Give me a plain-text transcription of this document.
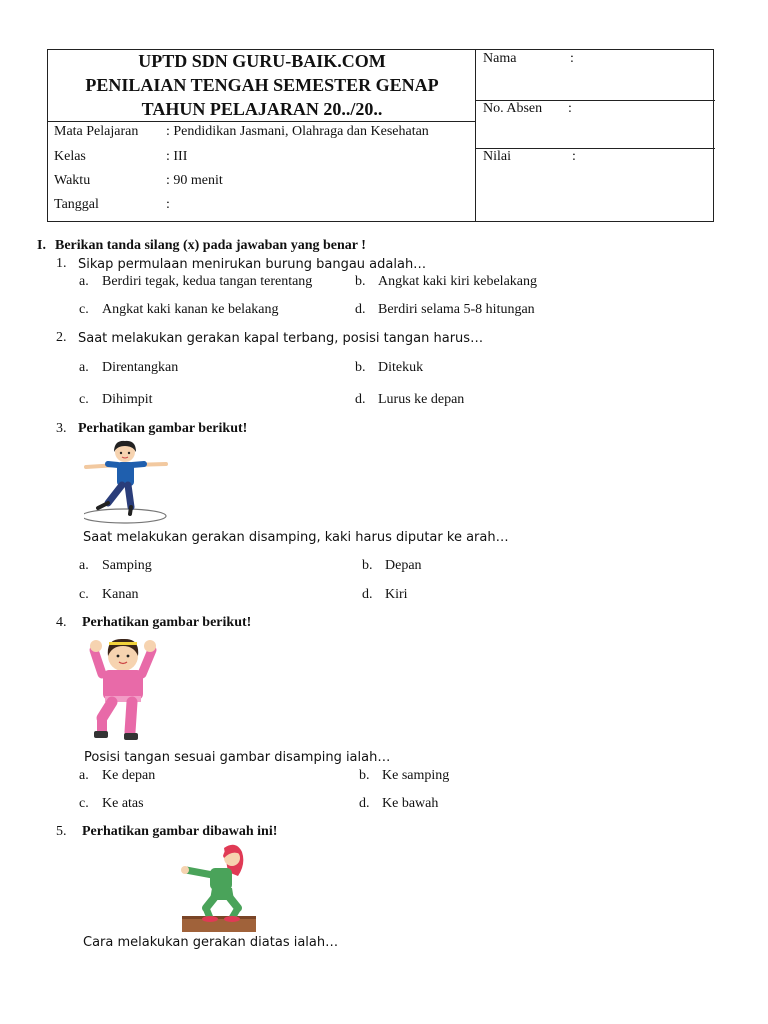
UPTD SDN GURU-BAIK.COM
PENILAIAN TENGAH SEMESTER GENAP
TAHUN PELAJARAN 20../20..
Mata Pelajaran : Pendidikan Jasmani, Olahraga dan Kesehatan
Kelas	: III
Waktu	: 90 menit
Tanggal	:
Nama	:
No. Absen :
Nilai	:
I. Berikan tanda silang (x) pada jawaban yang benar !
1. Sikap permulaan menirukan burung bangau adalah…
a. Berdiri tegak, kedua tangan terentang	b. Angkat kaki kiri kebelakang
c. Angkat kaki kanan ke belakang	d. Berdiri selama 5-8 hitungan
2. Saat melakukan gerakan kapal terbang, posisi tangan harus…
a. Direntangkan	b. Ditekuk
c. Dihimpit	d. Lurus ke depan
3. Perhatikan gambar berikut!
Saat melakukan gerakan disamping, kaki harus diputar ke arah…
a. Samping	b. Depan
c. Kanan	d. Kiri
4. Perhatikan gambar berikut!
Posisi tangan sesuai gambar disamping ialah…
a. Ke depan	b. Ke samping
c. Ke atas	d. Ke bawah
5. Perhatikan gambar dibawah ini!
Cara melakukan gerakan diatas ialah…
